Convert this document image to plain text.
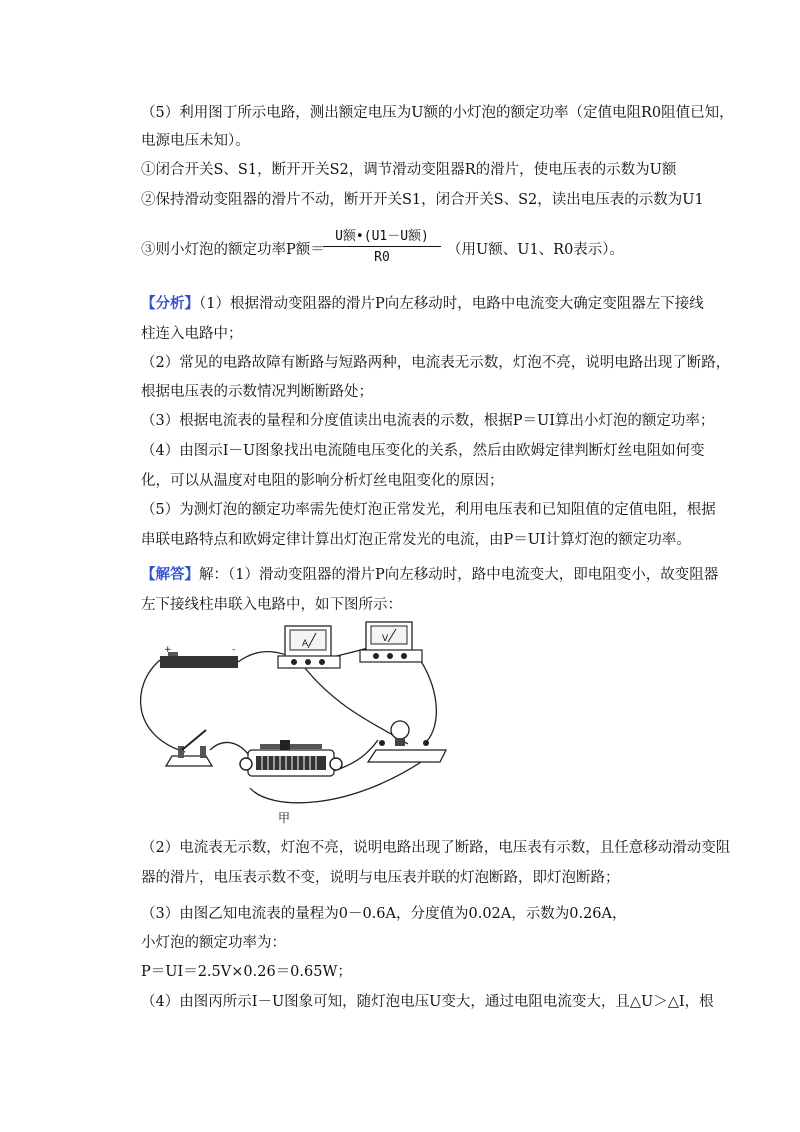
（5）利用图丁所示电路，测出额定电压为U额的小灯泡的额定功率（定值电阻R0阻值已知，
电源电压未知）。
①闭合开关S、S1，断开开关S2，调节滑动变阻器R的滑片，使电压表的示数为U额
②保持滑动变阻器的滑片不动，断开开关S1，闭合开关S、S2，读出电压表的示数为U1
③则小灯泡的额定功率P额＝
U额•(U1－U额)
R0	（用U额、U1、R0表示）。
【分析】（1）根据滑动变阻器的滑片P向左移动时，电路中电流变大确定变阻器左下接线
柱连入电路中；
（2）常见的电路故障有断路与短路两种，电流表无示数，灯泡不亮，说明电路出现了断路，
根据电压表的示数情况判断断路处；
（3）根据电流表的量程和分度值读出电流表的示数，根据P＝UI算出小灯泡的额定功率；
（4）由图示I－U图象找出电流随电压变化的关系，然后由欧姆定律判断灯丝电阻如何变
化，可以从温度对电阻的影响分析灯丝电阻变化的原因；
（5）为测灯泡的额定功率需先使灯泡正常发光，利用电压表和已知阻值的定值电阻，根据
串联电路特点和欧姆定律计算出灯泡正常发光的电流，由P＝UI计算灯泡的额定功率。
【解答】解：（1）滑动变阻器的滑片P向左移动时，路中电流变大，即电阻变小，故变阻器
左下接线柱串联入电路中，如下图所示：
+	-
A	V
甲
（2）电流表无示数，灯泡不亮，说明电路出现了断路，电压表有示数，且任意移动滑动变阻
器的滑片，电压表示数不变，说明与电压表并联的灯泡断路，即灯泡断路；
（3）由图乙知电流表的量程为0－0.6A，分度值为0.02A，示数为0.26A，
小灯泡的额定功率为：
P＝UI＝2.5V×0.26＝0.65W；
（4）由图丙所示I－U图象可知，随灯泡电压U变大，通过电阻电流变大，且△U＞△I，根
